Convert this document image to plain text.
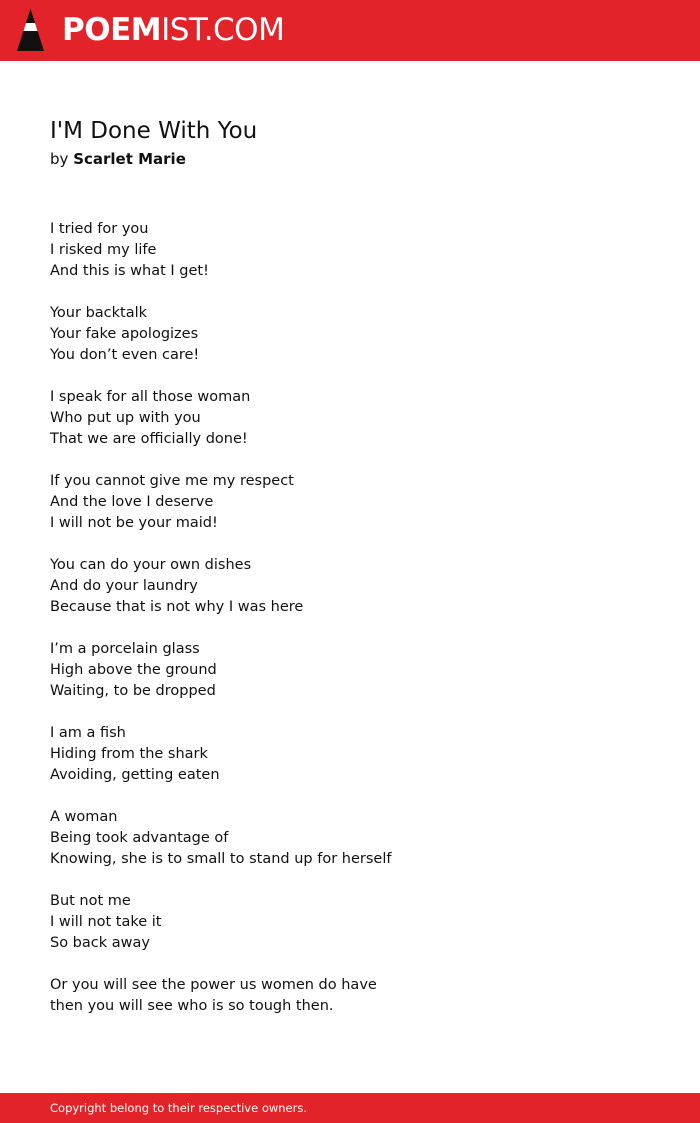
POEMIST.COM
I'M Done With You
by Scarlet Marie
I tried for you
I risked my life
And this is what I get!
Your backtalk
Your fake apologizes
You don’t even care!
I speak for all those woman
Who put up with you
That we are officially done!
If you cannot give me my respect
And the love I deserve
I will not be your maid!
You can do your own dishes
And do your laundry
Because that is not why I was here
I’m a porcelain glass
High above the ground
Waiting, to be dropped
I am a fish
Hiding from the shark
Avoiding, getting eaten
A woman
Being took advantage of
Knowing, she is to small to stand up for herself
But not me
I will not take it
So back away
Or you will see the power us women do have
then you will see who is so tough then.
Copyright belong to their respective owners.
